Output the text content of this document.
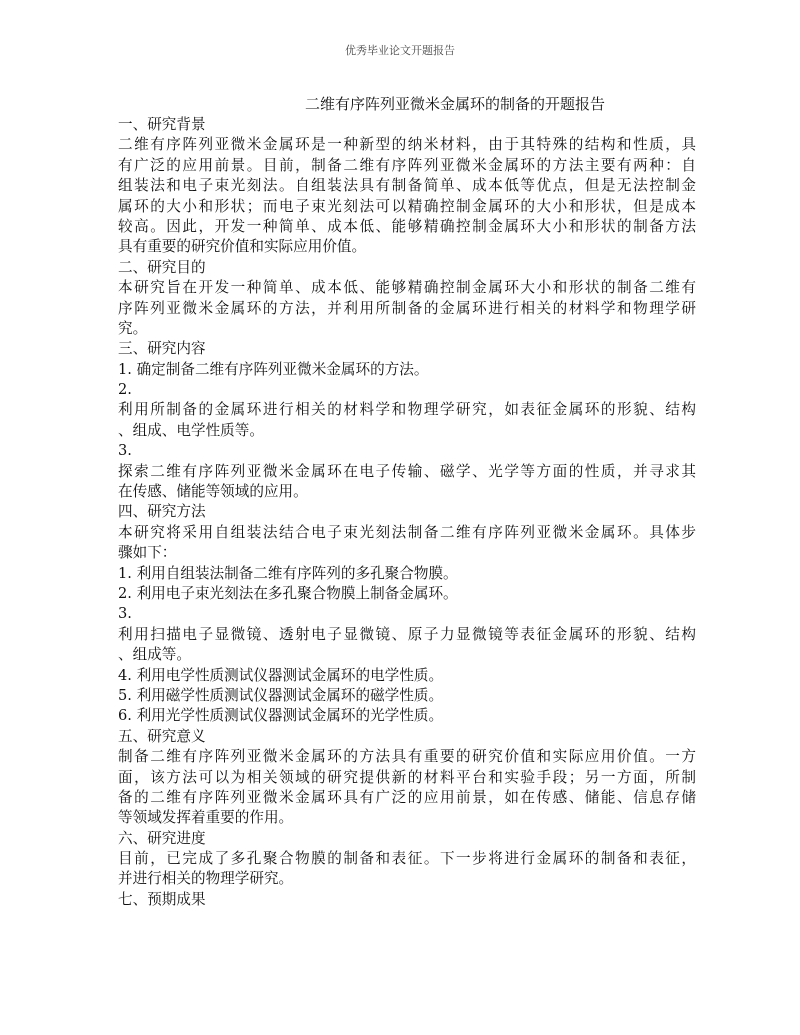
优秀毕业论文开题报告
二维有序阵列亚微米金属环的制备的开题报告
一、研究背景
二维有序阵列亚微米金属环是一种新型的纳米材料，由于其特殊的结构和性质，具
有广泛的应用前景。目前，制备二维有序阵列亚微米金属环的方法主要有两种：自
组装法和电子束光刻法。自组装法具有制备简单、成本低等优点，但是无法控制金
属环的大小和形状；而电子束光刻法可以精确控制金属环的大小和形状，但是成本
较高。因此，开发一种简单、成本低、能够精确控制金属环大小和形状的制备方法
具有重要的研究价值和实际应用价值。
二、研究目的
本研究旨在开发一种简单、成本低、能够精确控制金属环大小和形状的制备二维有
序阵列亚微米金属环的方法，并利用所制备的金属环进行相关的材料学和物理学研
究。
三、研究内容
1. 确定制备二维有序阵列亚微米金属环的方法。
2.
利用所制备的金属环进行相关的材料学和物理学研究，如表征金属环的形貌、结构
、组成、电学性质等。
3.
探索二维有序阵列亚微米金属环在电子传输、磁学、光学等方面的性质，并寻求其
在传感、储能等领域的应用。
四、研究方法
本研究将采用自组装法结合电子束光刻法制备二维有序阵列亚微米金属环。具体步
骤如下：
1. 利用自组装法制备二维有序阵列的多孔聚合物膜。
2. 利用电子束光刻法在多孔聚合物膜上制备金属环。
3.
利用扫描电子显微镜、透射电子显微镜、原子力显微镜等表征金属环的形貌、结构
、组成等。
4. 利用电学性质测试仪器测试金属环的电学性质。
5. 利用磁学性质测试仪器测试金属环的磁学性质。
6. 利用光学性质测试仪器测试金属环的光学性质。
五、研究意义
制备二维有序阵列亚微米金属环的方法具有重要的研究价值和实际应用价值。一方
面，该方法可以为相关领域的研究提供新的材料平台和实验手段；另一方面，所制
备的二维有序阵列亚微米金属环具有广泛的应用前景，如在传感、储能、信息存储
等领域发挥着重要的作用。
六、研究进度
目前，已完成了多孔聚合物膜的制备和表征。下一步将进行金属环的制备和表征，
并进行相关的物理学研究。
七、预期成果
